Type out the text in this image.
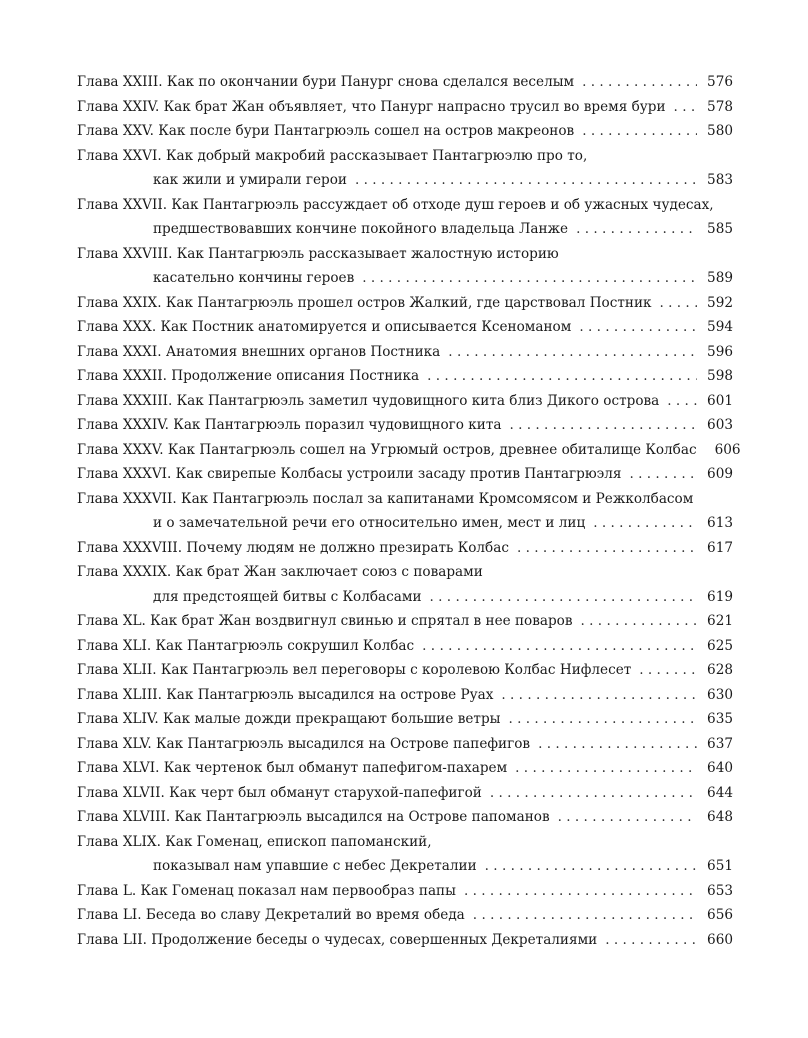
Глава XXIII. Как по окончании бури Панург снова сделался веселым . . .	576
Глава XXIV. Как брат Жан объявляет, что Панург напрасно трусил во время бури . . .	578
Глава XXV. Как после бури Пантагрюэль сошел на остров макреонов . . .	580
Глава XXVI. Как добрый макробий рассказывает Пантагрюэлю про то,
как жили и умирали герои . . .	583
Глава XXVII. Как Пантагрюэль рассуждает об отходе душ героев и об ужасных чудесах,
предшествовавших кончине покойного владельца Ланже . . .	585
Глава XXVIII. Как Пантагрюэль рассказывает жалостную историю
касательно кончины героев . . .	589
Глава XXIX. Как Пантагрюэль прошел остров Жалкий, где царствовал Постник . . .	592
Глава XXX. Как Постник анатомируется и описывается Ксеноманом . . .	594
Глава XXXI. Анатомия внешних органов Постника . . .	596
Глава XXXII. Продолжение описания Постника . . .	598
Глава XXXIII. Как Пантагрюэль заметил чудовищного кита близ Дикого острова . . .	601
Глава XXXIV. Как Пантагрюэль поразил чудовищного кита . . .	603
Глава XXXV. Как Пантагрюэль сошел на Угрюмый остров, древнее обиталище Колбас 606
Глава XXXVI. Как свирепые Колбасы устроили засаду против Пантагрюэля . . .	609
Глава XXXVII. Как Пантагрюэль послал за капитанами Кромсомясом и Режколбасом
и о замечательной речи его относительно имен, мест и лиц . . .	613
Глава XXXVIII. Почему людям не должно презирать Колбас . . .	617
Глава XXXIX. Как брат Жан заключает союз с поварами
для предстоящей битвы с Колбасами . . .	619
Глава XL. Как брат Жан воздвигнул свинью и спрятал в нее поваров . . .	621
Глава XLI. Как Пантагрюэль сокрушил Колбас . . .	625
Глава XLII. Как Пантагрюэль вел переговоры с королевою Колбас Нифлесет . . .	628
Глава XLIII. Как Пантагрюэль высадился на острове Руах . . .	630
Глава XLIV. Как малые дожди прекращают большие ветры . . .	635
Глава XLV. Как Пантагрюэль высадился на Острове папефигов . . .	637
Глава XLVI. Как чертенок был обманут папефигом-пахарем . . .	640
Глава XLVII. Как черт был обманут старухой-папефигой . . .	644
Глава XLVIII. Как Пантагрюэль высадился на Острове папоманов . . .	648
Глава XLIX. Как Гоменац, епископ папоманский,
показывал нам упавшие с небес Декреталии . . .	651
Глава L. Как Гоменац показал нам первообраз папы . . .	653
Глава LI. Беседа во славу Декреталий во время обеда . . .	656
Глава LII. Продолжение беседы о чудесах, совершенных Декреталиями . . .	660
